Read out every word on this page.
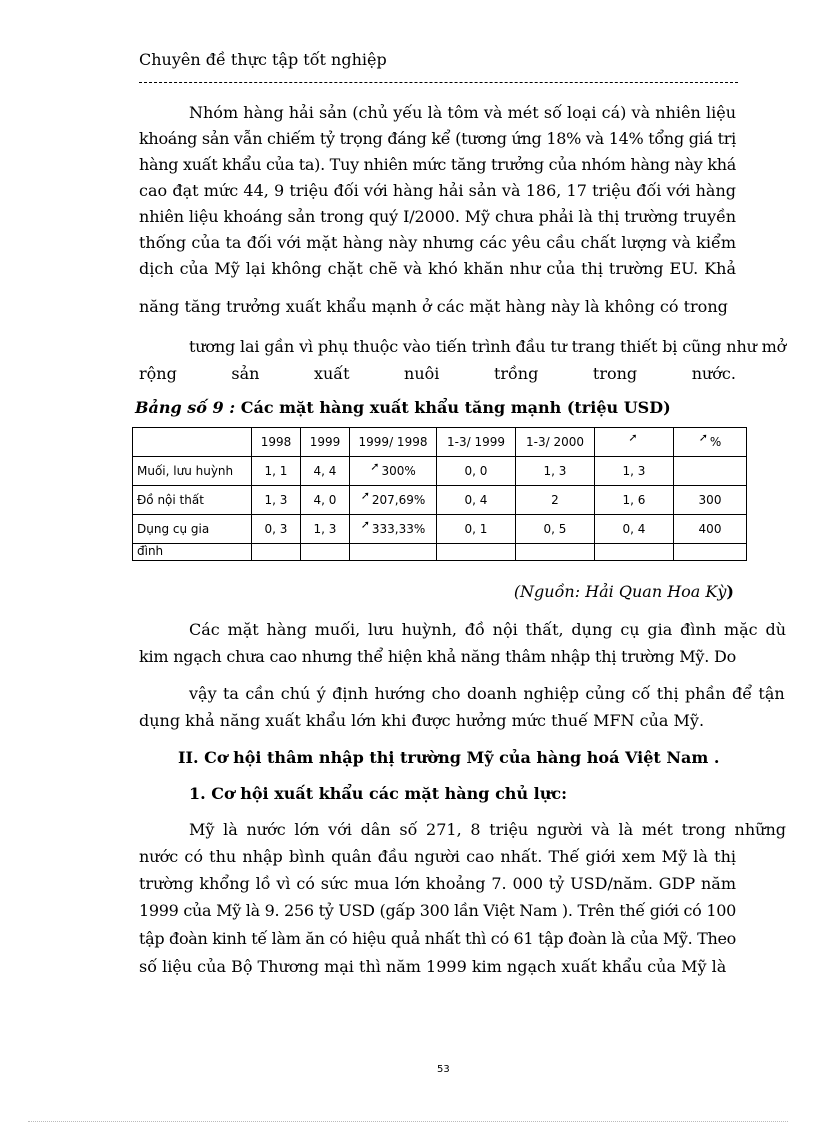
Chuyên đề thực tập tốt nghiệp
Nhóm hàng hải sản (chủ yếu là tôm và mét số loại cá) và nhiên liệu
khoáng sản vẫn chiếm tỷ trọng đáng kể (tương ứng 18% và 14% tổng giá trị
hàng xuất khẩu của ta). Tuy nhiên mức tăng trưởng của nhóm hàng này khá
cao đạt mức 44, 9 triệu đối với hàng hải sản và 186, 17 triệu đối với hàng
nhiên liệu khoáng sản trong quý I/2000. Mỹ chưa phải là thị trường truyền
thống của ta đối với mặt hàng này nhưng các yêu cầu chất lượng và kiểm
dịch của Mỹ lại không chặt chẽ và khó khăn như của thị trường EU. Khả
năng tăng trưởng xuất khẩu mạnh ở các mặt hàng này là không có trong
tương lai gần vì phụ thuộc vào tiến trình đầu tư trang thiết bị cũng như mở
rộng	sản	xuất	nuôi	trồng	trong	nước.
Bảng số 9 : Các mặt hàng xuất khẩu tăng mạnh (triệu USD)
	1998	1999	1999/ 1998	1-3/ 1999	1-3/ 2000	➚	➚ %
Muối, lưu huỳnh	1, 1	4, 4	➚ 300%	0, 0	1, 3	1, 3	
Đồ nội thất	1, 3	4, 0	➚ 207,69%	0, 4	2	1, 6	300
Dụng cụ gia	0, 3	1, 3	➚ 333,33%	0, 1	0, 5	0, 4	400
đình							
(Nguồn: Hải Quan Hoa Kỳ)
Các mặt hàng muối, lưu huỳnh, đồ nội thất, dụng cụ gia đình mặc dù
kim ngạch chưa cao nhưng thể hiện khả năng thâm nhập thị trường Mỹ. Do
vậy ta cần chú ý định hướng cho doanh nghiệp củng cố thị phần để tận
dụng khả năng xuất khẩu lớn khi được hưởng mức thuế MFN của Mỹ.
II. Cơ hội thâm nhập thị trường Mỹ của hàng hoá Việt Nam .
1. Cơ hội xuất khẩu các mặt hàng chủ lực:
Mỹ là nước lớn với dân số 271, 8 triệu người và là mét trong những
nước có thu nhập bình quân đầu người cao nhất. Thế giới xem Mỹ là thị
trường khổng lồ vì có sức mua lớn khoảng 7. 000 tỷ USD/năm. GDP năm
1999 của Mỹ là 9. 256 tỷ USD (gấp 300 lần Việt Nam ). Trên thế giới có 100
tập đoàn kinh tế làm ăn có hiệu quả nhất thì có 61 tập đoàn là của Mỹ. Theo
số liệu của Bộ Thương mại thì năm 1999 kim ngạch xuất khẩu của Mỹ là
53
